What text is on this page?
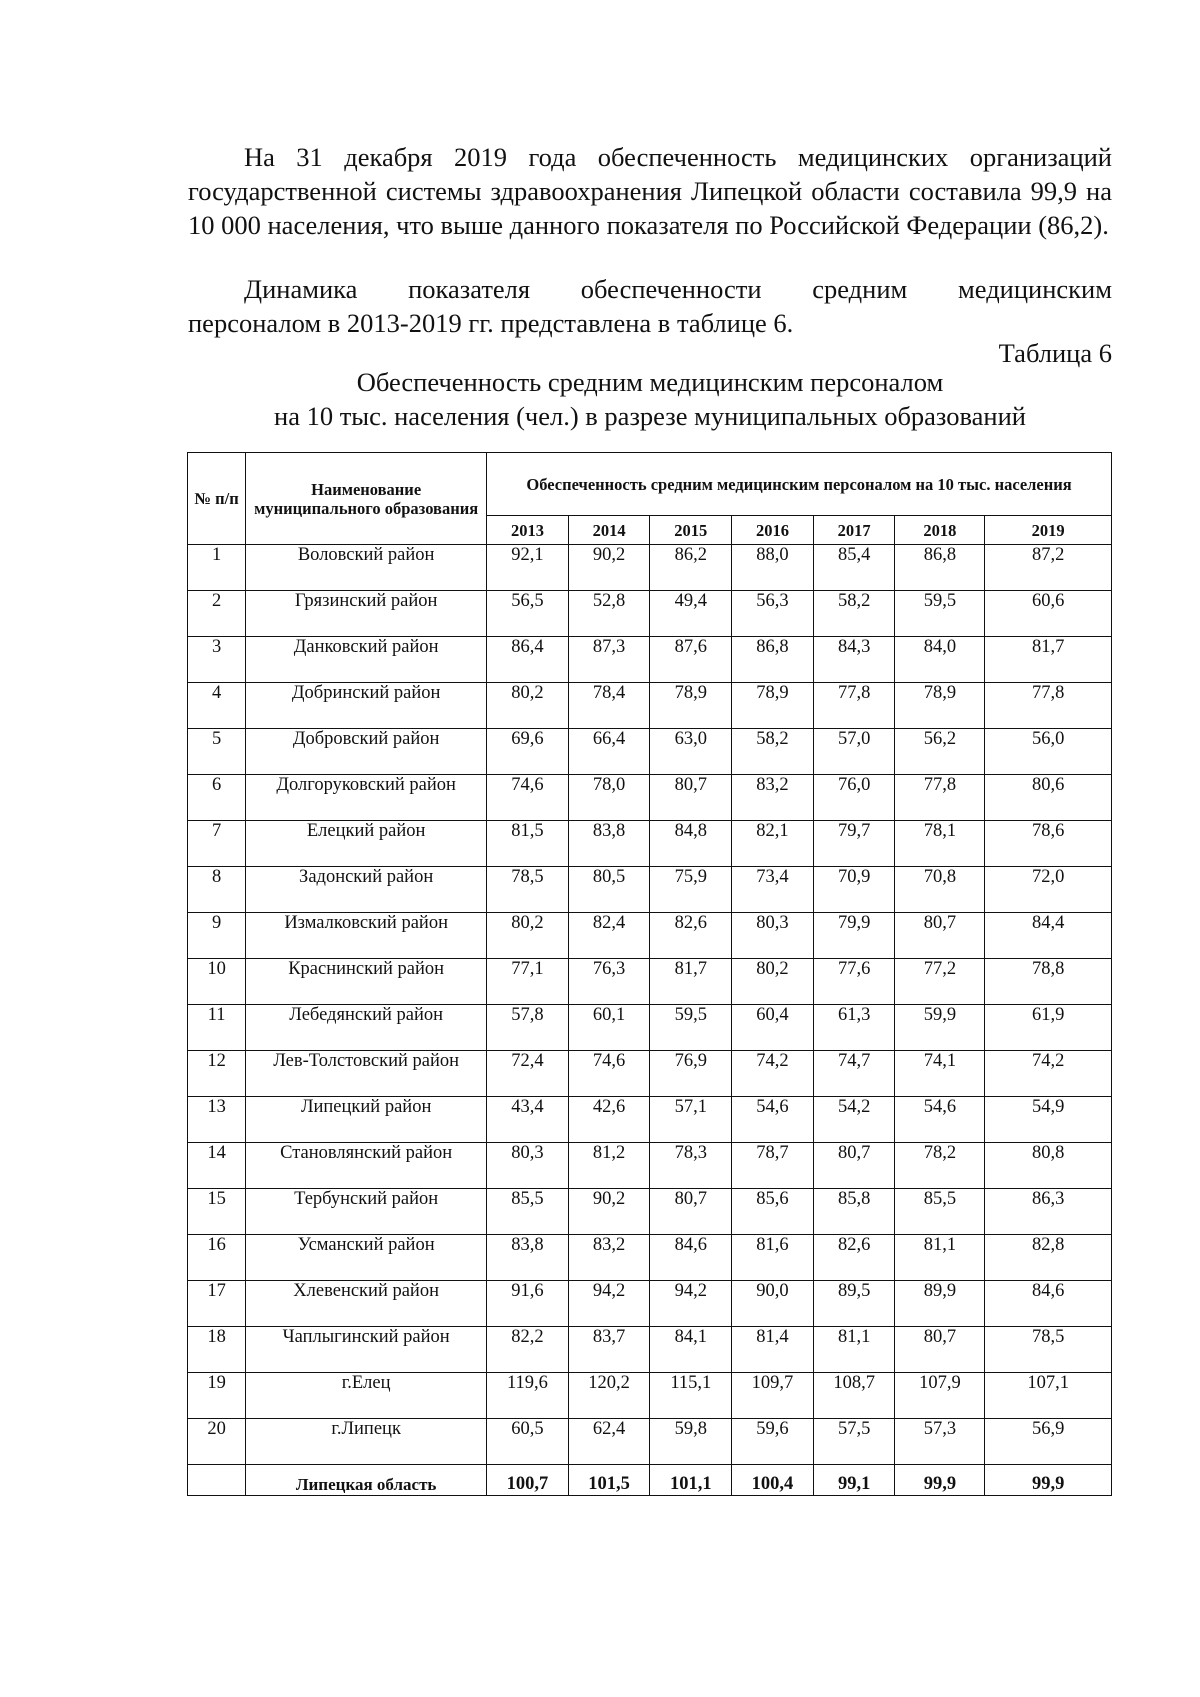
На 31 декабря 2019 года обеспеченность медицинских организаций государственной системы здравоохранения Липецкой области составила 99,9 на 10 000 населения, что выше данного показателя по Российской Федерации (86,2).

Динамика показателя обеспеченности средним медицинским
персоналом в 2013-2019 гг. представлена в таблице 6.

Таблица 6
Обеспеченность средним медицинским персоналом
на 10 тыс. населения (чел.) в разрезе муниципальных образований
№ п/п	Наименование муниципального образования	Обеспеченность средним медицинским персоналом на 10 тыс. населения						
		2013	2014	2015	2016	2017	2018	2019
1	Воловский район	92,1	90,2	86,2	88,0	85,4	86,8	87,2
2	Грязинский район	56,5	52,8	49,4	56,3	58,2	59,5	60,6
3	Данковский район	86,4	87,3	87,6	86,8	84,3	84,0	81,7
4	Добринский район	80,2	78,4	78,9	78,9	77,8	78,9	77,8
5	Добровский район	69,6	66,4	63,0	58,2	57,0	56,2	56,0
6	Долгоруковский район	74,6	78,0	80,7	83,2	76,0	77,8	80,6
7	Елецкий район	81,5	83,8	84,8	82,1	79,7	78,1	78,6
8	Задонский район	78,5	80,5	75,9	73,4	70,9	70,8	72,0
9	Измалковский район	80,2	82,4	82,6	80,3	79,9	80,7	84,4
10	Краснинский район	77,1	76,3	81,7	80,2	77,6	77,2	78,8
11	Лебедянский район	57,8	60,1	59,5	60,4	61,3	59,9	61,9
12	Лев-Толстовский район	72,4	74,6	76,9	74,2	74,7	74,1	74,2
13	Липецкий район	43,4	42,6	57,1	54,6	54,2	54,6	54,9
14	Становлянский район	80,3	81,2	78,3	78,7	80,7	78,2	80,8
15	Тербунский район	85,5	90,2	80,7	85,6	85,8	85,5	86,3
16	Усманский район	83,8	83,2	84,6	81,6	82,6	81,1	82,8
17	Хлевенский район	91,6	94,2	94,2	90,0	89,5	89,9	84,6
18	Чаплыгинский район	82,2	83,7	84,1	81,4	81,1	80,7	78,5
19	г.Елец	119,6	120,2	115,1	109,7	108,7	107,9	107,1
20	г.Липецк	60,5	62,4	59,8	59,6	57,5	57,3	56,9
	Липецкая область	100,7	101,5	101,1	100,4	99,1	99,9	99,9
